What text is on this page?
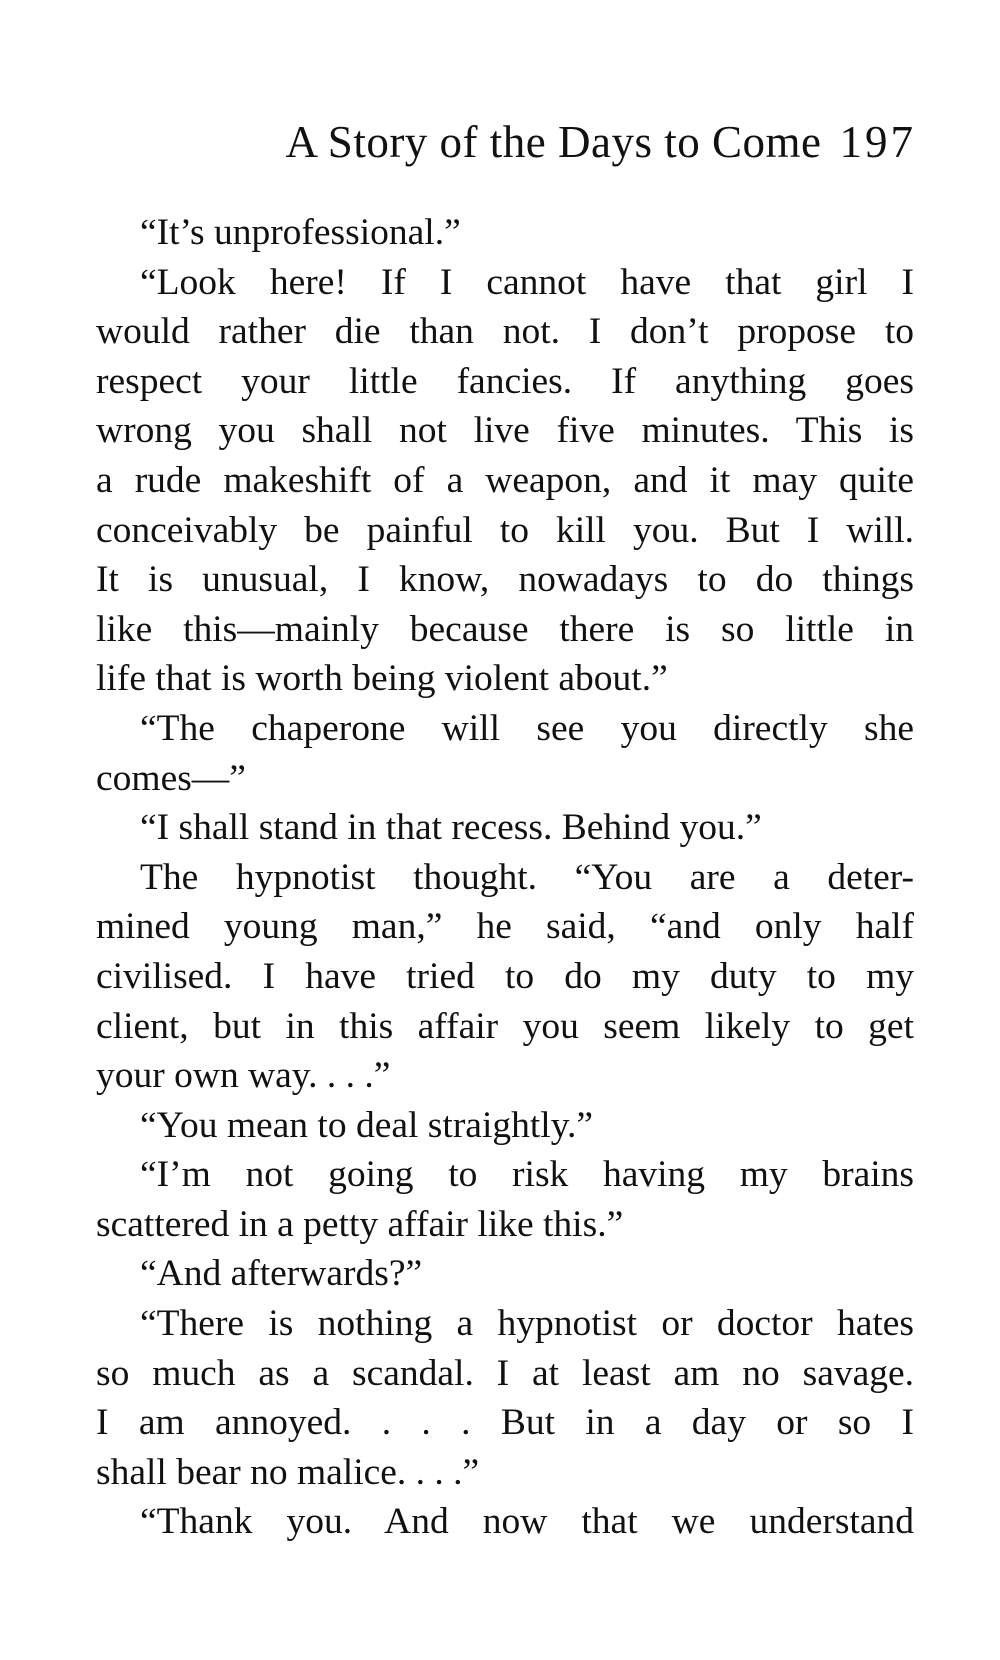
A Story of the Days to Come 197

“It’s unprofessional.”

“Look here! If I cannot have that girl I
would rather die than not. I don’t propose to
respect your little fancies. If anything goes
wrong you shall not live five minutes. This is
a rude makeshift of a weapon, and it may quite
conceivably be painful to kill you. But I will.
It is unusual, I know, nowadays to do things
like this—mainly because there is so little in
life that is worth being violent about.”

“The chaperone will see you directly she
comes—”

“I shall stand in that recess. Behind you.”

The hypnotist thought. “You are a deter-
mined young man,” he said, “and only half
civilised. I have tried to do my duty to my
client, but in this affair you seem likely to get
your own way. . . .”

“You mean to deal straightly.”

“I’m not going to risk having my brains
scattered in a petty affair like this.”

“And afterwards?”

“There is nothing a hypnotist or doctor hates
so much as a scandal. I at least am no savage.
I am annoyed. . . . But in a day or so I
shall bear no malice. . . .”

“Thank you. And now that we understand
